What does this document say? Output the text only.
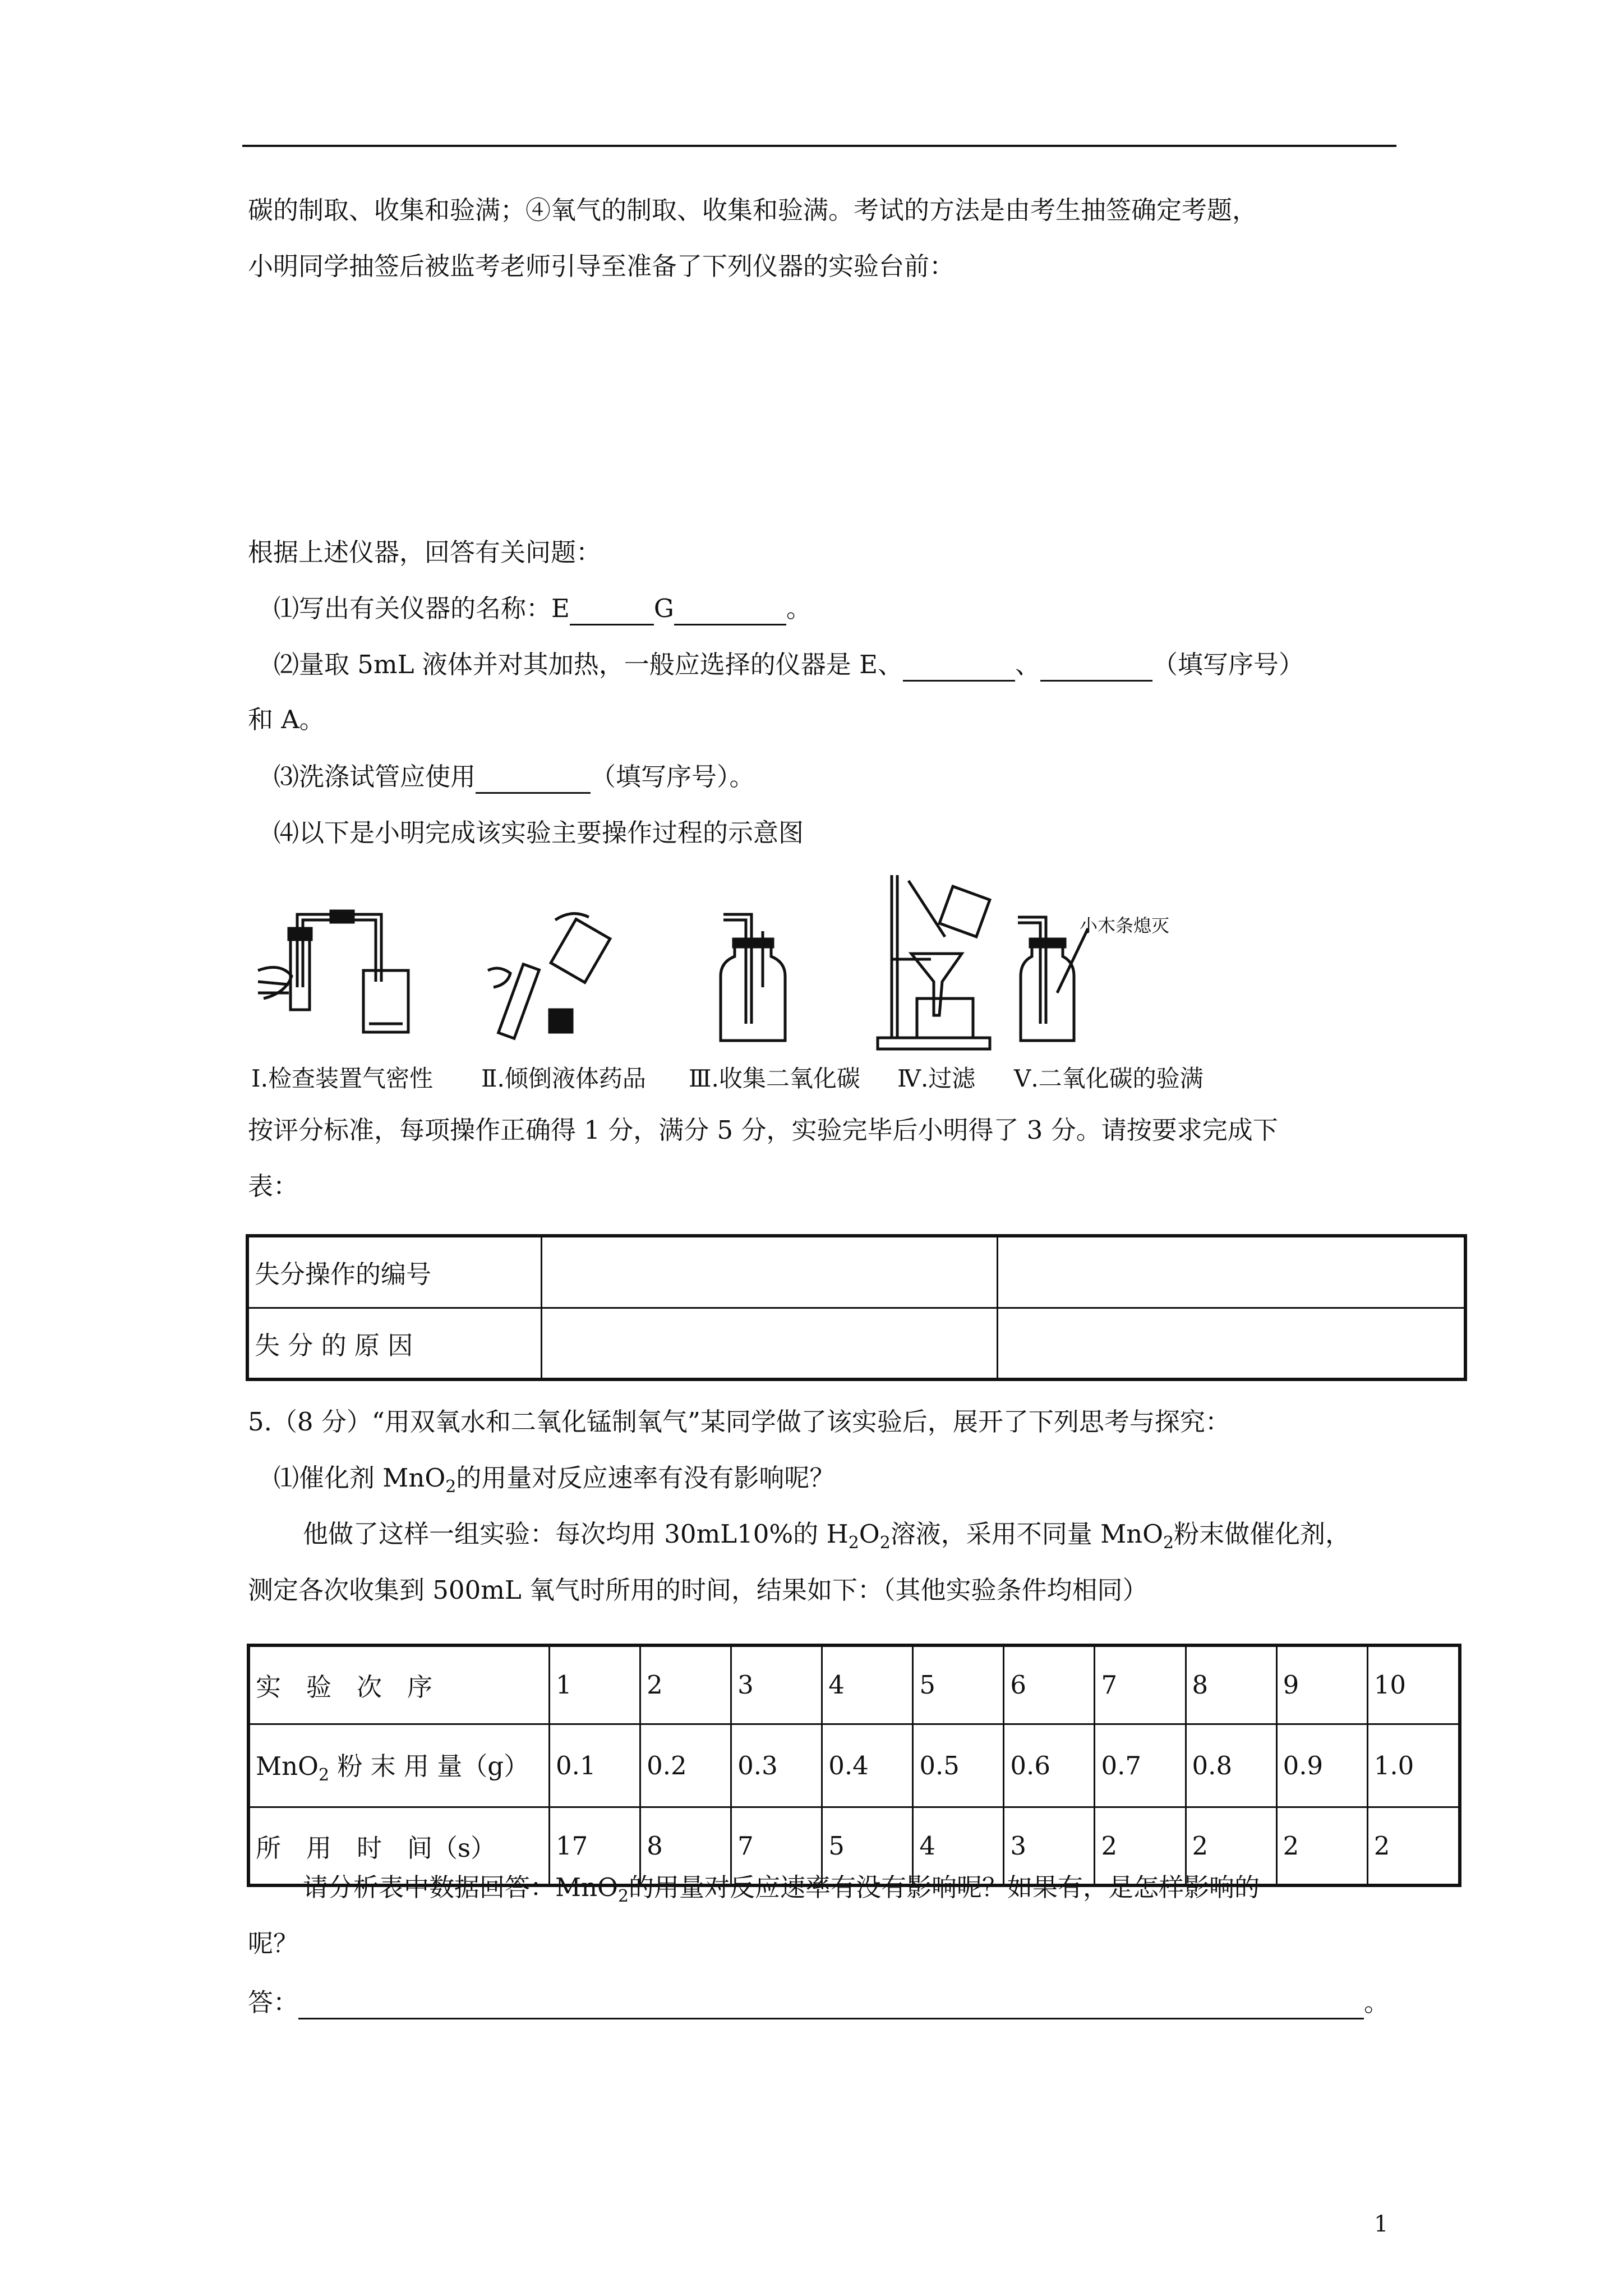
碳的制取、收集和验满；④氧气的制取、收集和验满。考试的方法是由考生抽签确定考题，
小明同学抽签后被监考老师引导至准备了下列仪器的实验台前：
根据上述仪器，回答有关问题：
⑴写出有关仪器的名称：E	G	。
⑵量取 5mL 液体并对其加热，一般应选择的仪器是 E、	、	（填写序号）
和 A。
⑶洗涤试管应使用	（填写序号）。
⑷以下是小明完成该实验主要操作过程的示意图
小木条熄灭
Ⅰ.检查装置气密性 Ⅱ.倾倒液体药品 Ⅲ.收集二氧化碳 Ⅳ.过滤 Ⅴ.二氧化碳的验满
按评分标准，每项操作正确得 1 分，满分 5 分，实验完毕后小明得了 3 分。请按要求完成下
表：
失分操作的编号		
失 分 的 原 因		
5.（8 分）“用双氧水和二氧化锰制氧气”某同学做了该实验后，展开了下列思考与探究：
⑴催化剂 MnO$_2$的用量对反应速率有没有影响呢？
他做了这样一组实验：每次均用 30mL10%的 $H_2O_2$溶液，采用不同量 MnO$_2$粉末做催化剂，
测定各次收集到 500mL 氧气时所用的时间，结果如下：（其他实验条件均相同）
实　验　次　序	1	2	3	4	5	6	7	8	9	10
MnO$_2$ 粉 末 用 量（g）	0.1	0.2	0.3	0.4	0.5	0.6	0.7	0.8	0.9	1.0
所　用　时　间（s）	17	8	7	5	4	3	2	2	2	2
请分析表中数据回答：MnO$_2$的用量对反应速率有没有影响呢？如果有，是怎样影响的
呢？
答：	。
1
